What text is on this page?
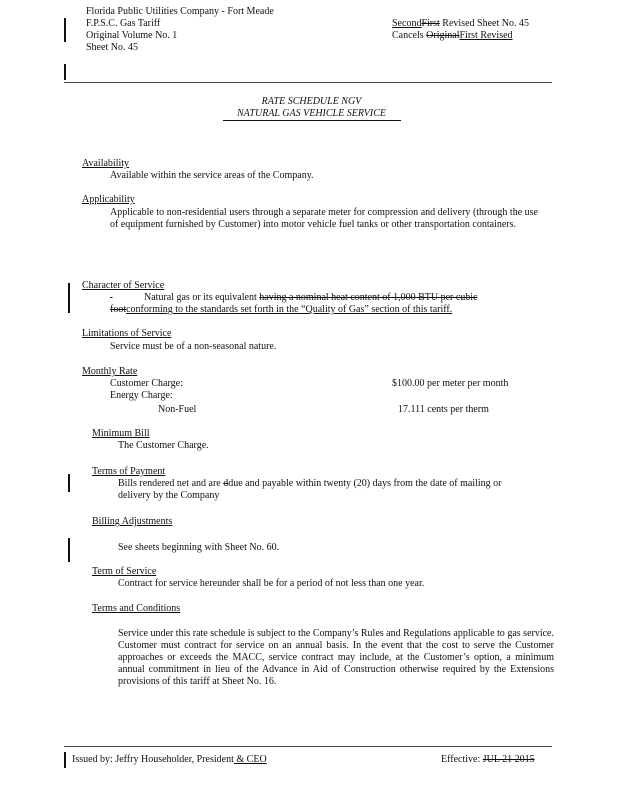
Florida Public Utilities Company - Fort Meade
F.P.S.C. Gas Tariff
Original Volume No. 1
Sheet No. 45
SecondFirst Revised Sheet No. 45
Cancels OriginalFirst Revised
RATE SCHEDULE NGV
NATURAL GAS VEHICLE SERVICE
Availability
Available within the service areas of the Company.
Applicability
Applicable to non-residential users through a separate meter for compression and delivery (through the use of equipment furnished by Customer) into motor vehicle fuel tanks or other transportation containers.
Character of Service
Natural gas or its equivalent having a nominal heat content of 1,000 BTU per cubic
footconforming to the standards set forth in the “Quality of Gas” section of this tariff.
Limitations of Service
Service must be of a non-seasonal nature.
Monthly Rate
Customer Charge:	$100.00 per meter per month
Energy Charge:
Non-Fuel	17.111 cents per therm
Minimum Bill
The Customer Charge.
Terms of Payment
Bills rendered net and are ddue and payable within twenty (20) days from the date of mailing or
delivery by the Company
Billing Adjustments
See sheets beginning with Sheet No. 60.
Term of Service
Contract for service hereunder shall be for a period of not less than one year.
Terms and Conditions
Service under this rate schedule is subject to the Company’s Rules and Regulations applicable to gas service. Customer must contract for service on an annual basis. In the event that the cost to serve the Customer approaches or exceeds the MACC, service contract may include, at the Customer’s option, a minimum annual commitment in lieu of the Advance in Aid of Construction otherwise required by the Extensions provisions of this tariff at Sheet No. 16.
Issued by: Jeffry Householder, President & CEO	Effective: JUL 21 2015
